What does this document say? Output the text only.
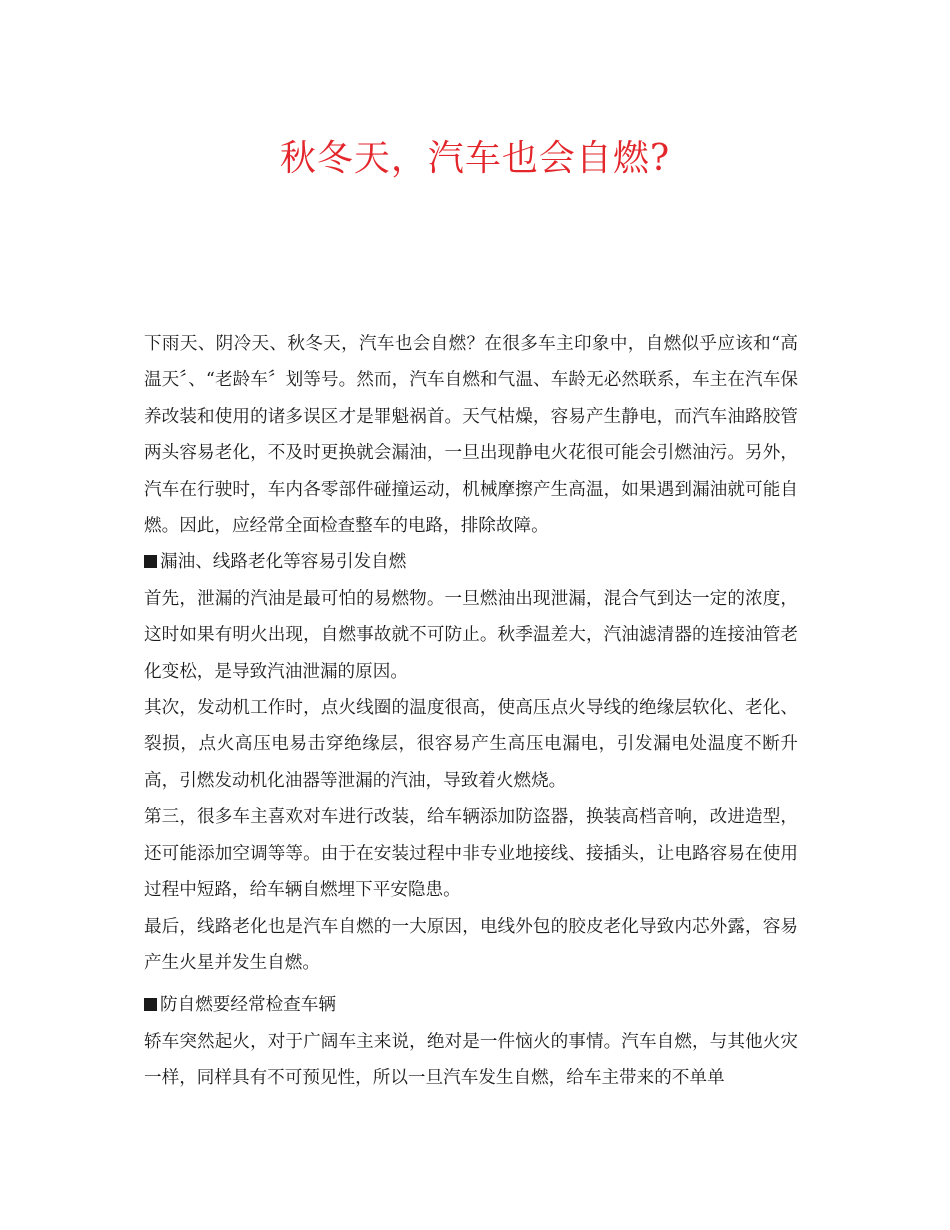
秋冬天，汽车也会自燃?

下雨天、阴冷天、秋冬天，汽车也会自燃？在很多车主印象中，自燃似乎应该和“高温天〞、“老龄车〞划等号。然而，汽车自燃和气温、车龄无必然联系，车主在汽车保养改装和使用的诸多误区才是罪魁祸首。天气枯燥，容易产生静电，而汽车油路胶管两头容易老化，不及时更换就会漏油，一旦出现静电火花很可能会引燃油污。另外，汽车在行驶时，车内各零部件碰撞运动，机械摩擦产生高温，如果遇到漏油就可能自燃。因此，应经常全面检查整车的电路，排除故障。

漏油、线路老化等容易引发自燃

首先，泄漏的汽油是最可怕的易燃物。一旦燃油出现泄漏，混合气到达一定的浓度，这时如果有明火出现，自燃事故就不可防止。秋季温差大，汽油滤清器的连接油管老化变松，是导致汽油泄漏的原因。

其次，发动机工作时，点火线圈的温度很高，使高压点火导线的绝缘层软化、老化、裂损，点火高压电易击穿绝缘层，很容易产生高压电漏电，引发漏电处温度不断升高，引燃发动机化油器等泄漏的汽油，导致着火燃烧。

第三，很多车主喜欢对车进行改装，给车辆添加防盗器，换装高档音响，改进造型，还可能添加空调等等。由于在安装过程中非专业地接线、接插头，让电路容易在使用过程中短路，给车辆自燃埋下平安隐患。

最后，线路老化也是汽车自燃的一大原因，电线外包的胶皮老化导致内芯外露，容易产生火星并发生自燃。

防自燃要经常检查车辆

轿车突然起火，对于广阔车主来说，绝对是一件恼火的事情。汽车自燃，与其他火灾一样，同样具有不可预见性，所以一旦汽车发生自燃，给车主带来的不单单
